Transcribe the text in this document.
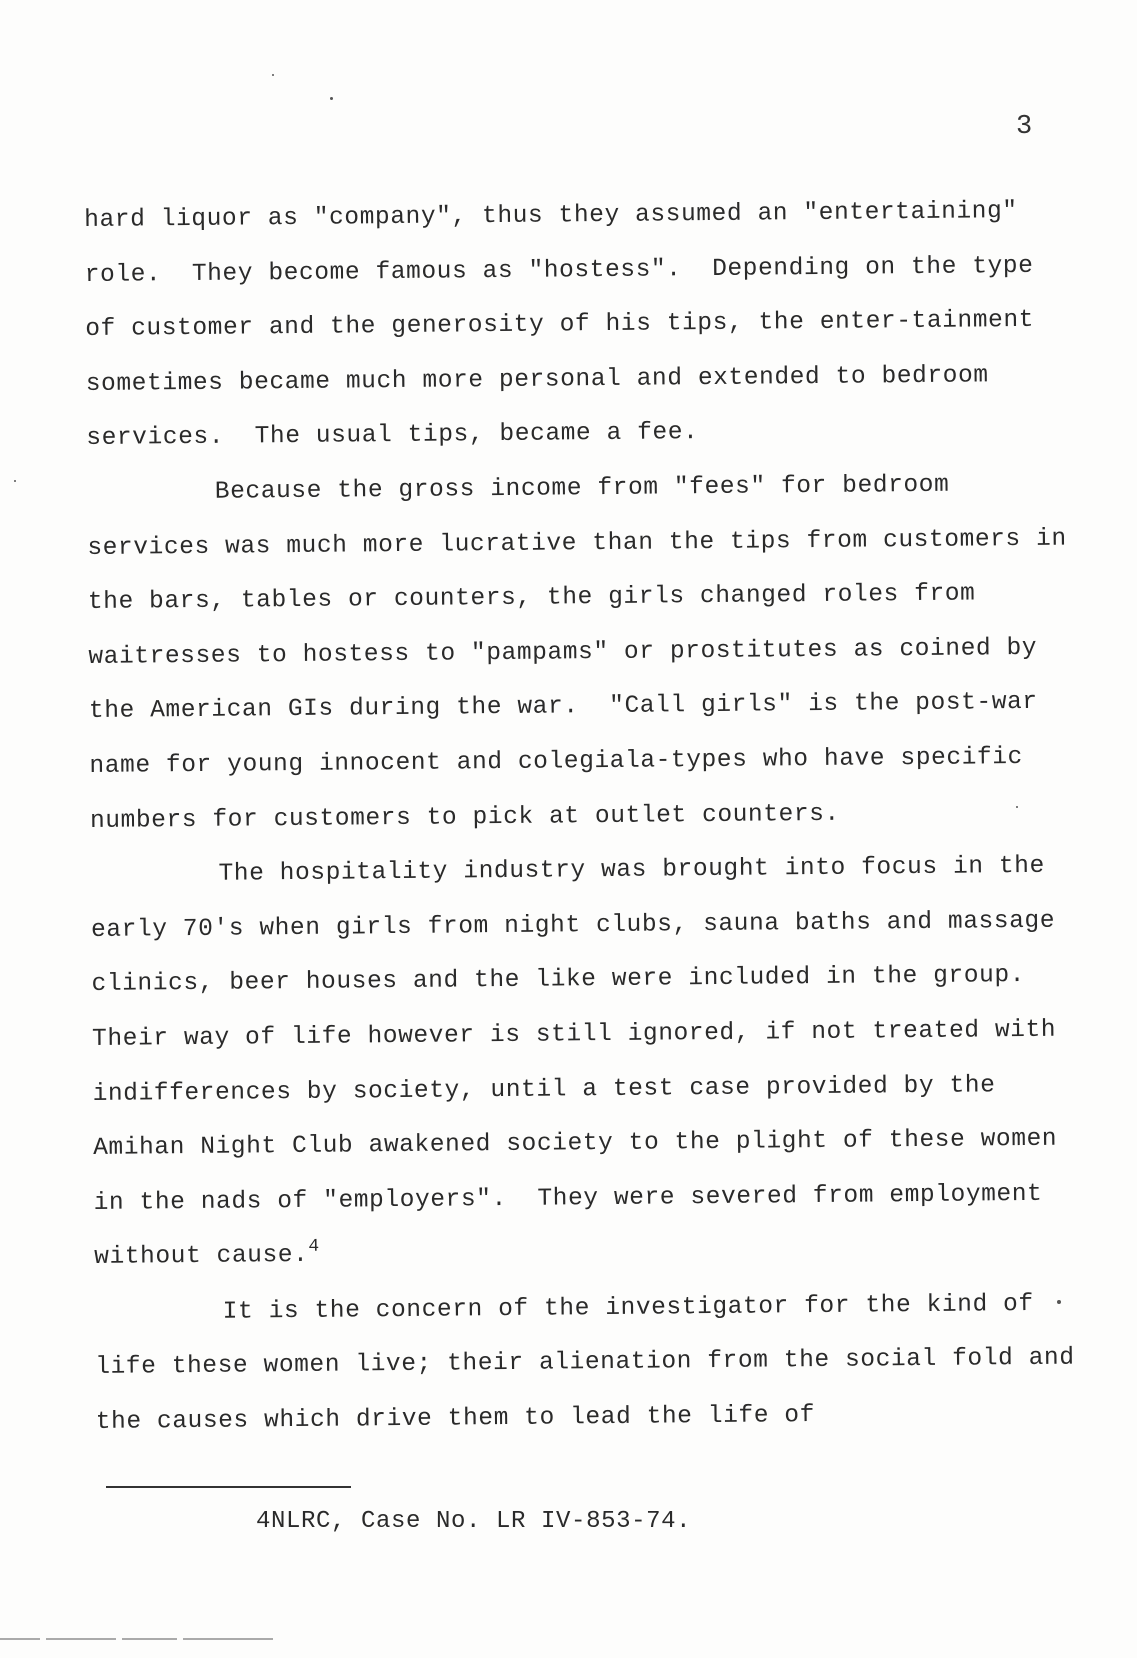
3

hard liquor as "company", thus they assumed an "entertaining" role.  They become famous as "hostess".  Depending on the type of customer and the generosity of his tips, the enter-tainment sometimes became much more personal and extended to bedroom services.  The usual tips, became a fee.

Because the gross income from "fees" for bedroom services was much more lucrative than the tips from customers in the bars, tables or counters, the girls changed roles from waitresses to hostess to "pampams" or prostitutes as coined by the American GIs during the war.  "Call girls" is the post-war name for young innocent and colegiala-types who have specific numbers for customers to pick at outlet counters.

The hospitality industry was brought into focus in the early 70's when girls from night clubs, sauna baths and massage clinics, beer houses and the like were included in the group.  Their way of life however is still ignored, if not treated with indifferences by society, until a test case provided by the Amihan Night Club awakened society to the plight of these women in the nads of "employers".  They were severed from employment without cause.$^4$

It is the concern of the investigator for the kind of life these women live; their alienation from the social fold and the causes which drive them to lead the life of

4NLRC, Case No. LR IV-853-74.
